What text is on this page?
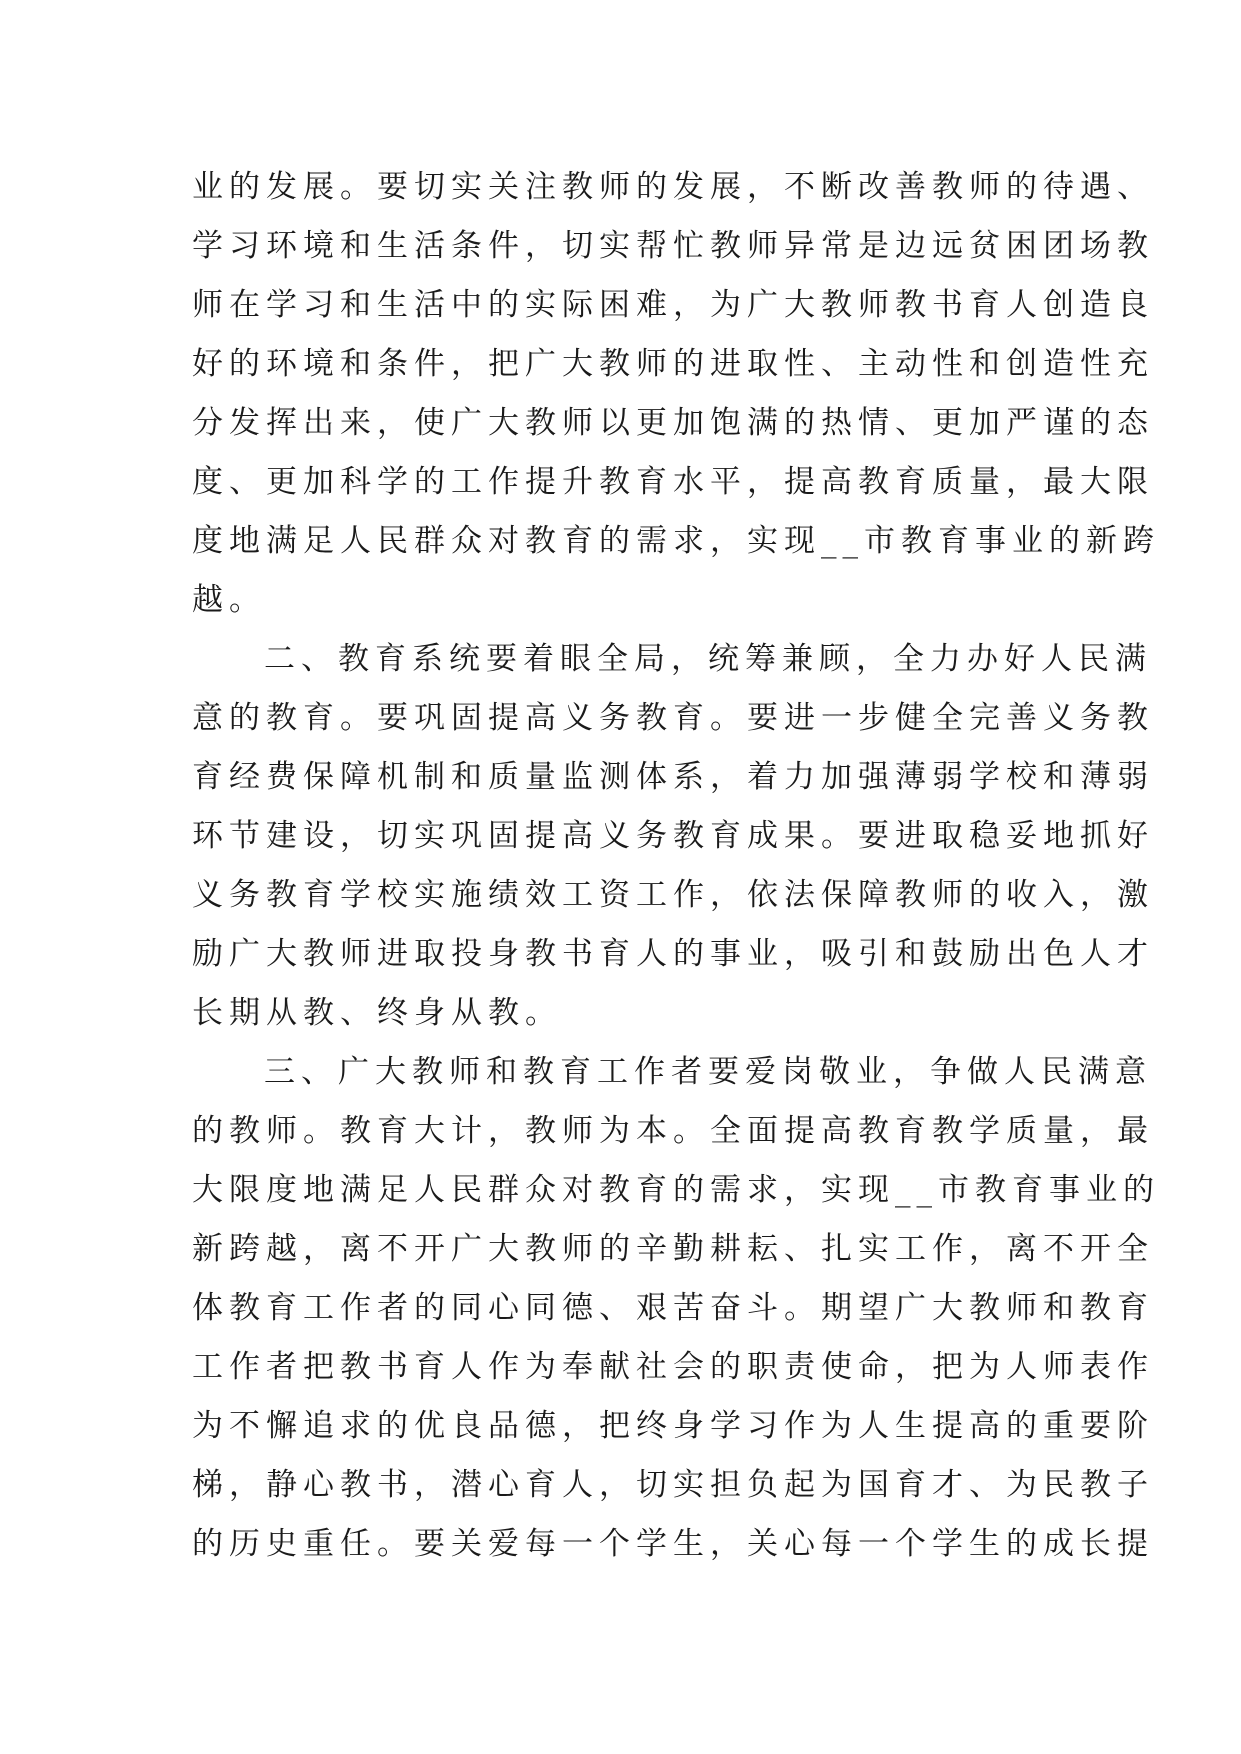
业的发展。要切实关注教师的发展，不断改善教师的待遇、
学习环境和生活条件，切实帮忙教师异常是边远贫困团场教
师在学习和生活中的实际困难，为广大教师教书育人创造良
好的环境和条件，把广大教师的进取性、主动性和创造性充
分发挥出来，使广大教师以更加饱满的热情、更加严谨的态
度、更加科学的工作提升教育水平，提高教育质量，最大限
度地满足人民群众对教育的需求，实现__市教育事业的新跨
越。
二、教育系统要着眼全局，统筹兼顾，全力办好人民满
意的教育。要巩固提高义务教育。要进一步健全完善义务教
育经费保障机制和质量监测体系，着力加强薄弱学校和薄弱
环节建设，切实巩固提高义务教育成果。要进取稳妥地抓好
义务教育学校实施绩效工资工作，依法保障教师的收入，激
励广大教师进取投身教书育人的事业，吸引和鼓励出色人才
长期从教、终身从教。
三、广大教师和教育工作者要爱岗敬业，争做人民满意
的教师。教育大计，教师为本。全面提高教育教学质量，最
大限度地满足人民群众对教育的需求，实现__市教育事业的
新跨越，离不开广大教师的辛勤耕耘、扎实工作，离不开全
体教育工作者的同心同德、艰苦奋斗。期望广大教师和教育
工作者把教书育人作为奉献社会的职责使命，把为人师表作
为不懈追求的优良品德，把终身学习作为人生提高的重要阶
梯，静心教书，潜心育人，切实担负起为国育才、为民教子
的历史重任。要关爱每一个学生，关心每一个学生的成长提
